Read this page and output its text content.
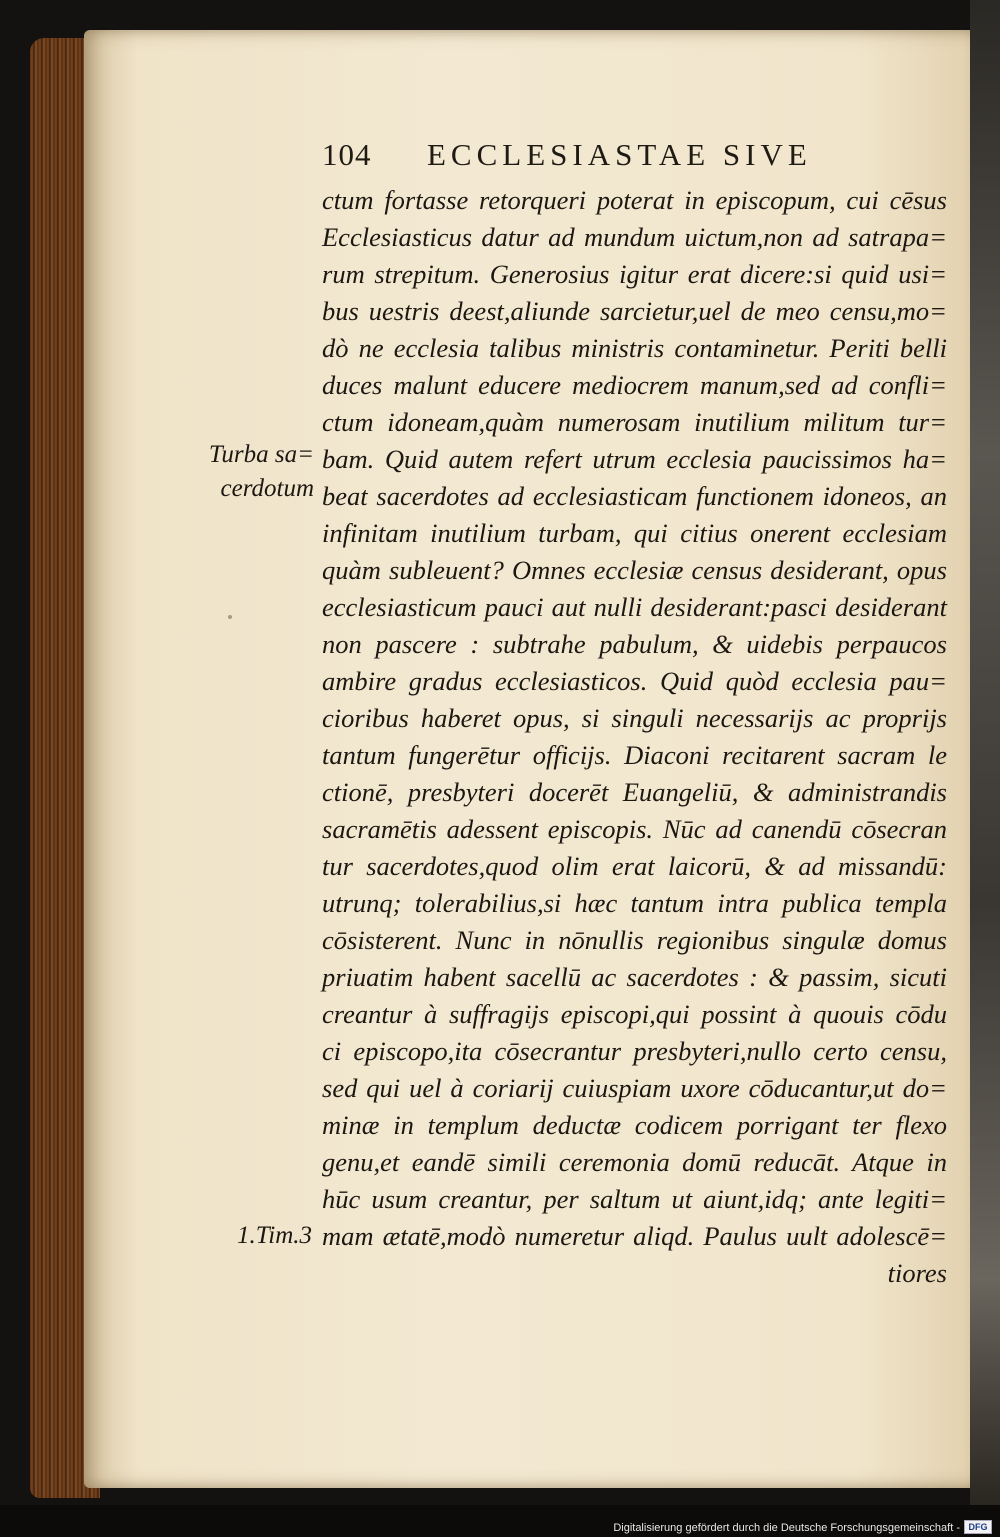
104 ECCLESIASTAE SIVE
ctum fortasse retorqueri poterat in episcopum, cui cēsus
Ecclesiasticus datur ad mundum uictum,non ad satrapa=
rum strepitum. Generosius igitur erat dicere:si quid usi=
bus uestris deest,aliunde sarcietur,uel de meo censu,mo=
dò ne ecclesia talibus ministris contaminetur. Periti belli
duces malunt educere mediocrem manum,sed ad confli=
ctum idoneam,quàm numerosam inutilium militum tur=
bam. Quid autem refert utrum ecclesia paucissimos ha=
beat sacerdotes ad ecclesiasticam functionem idoneos, an
infinitam inutilium turbam, qui citius onerent ecclesiam
quàm subleuent? Omnes ecclesiæ census desiderant, opus
ecclesiasticum pauci aut nulli desiderant:pasci desiderant
non pascere : subtrahe pabulum, & uidebis perpaucos
ambire gradus ecclesiasticos. Quid quòd ecclesia pau=
cioribus haberet opus, si singuli necessarijs ac proprijs
tantum fungerētur officijs. Diaconi recitarent sacram le
ctionē, presbyteri docerēt Euangeliū, & administrandis
sacramētis adessent episcopis. Nūc ad canendū cōsecran
tur sacerdotes,quod olim erat laicorū, & ad missandū:
utrunq; tolerabilius,si hæc tantum intra publica templa
cōsisterent. Nunc in nōnullis regionibus singulæ domus
priuatim habent sacellū ac sacerdotes : & passim, sicuti
creantur à suffragijs episcopi,qui possint à quouis cōdu
ci episcopo,ita cōsecrantur presbyteri,nullo certo censu,
sed qui uel à coriarij cuiuspiam uxore cōducantur,ut do=
minæ in templum deductæ codicem porrigant ter flexo
genu,et eandē simili ceremonia domū reducāt. Atque in
hūc usum creantur, per saltum ut aiunt,idq; ante legiti=
mam ætatē,modò numeretur aliqd. Paulus uult adolescē=
tiores
Turba sa=
cerdotum
1.Tim.3
Digitalisierung gefördert durch die Deutsche Forschungsgemeinschaft - DFG
